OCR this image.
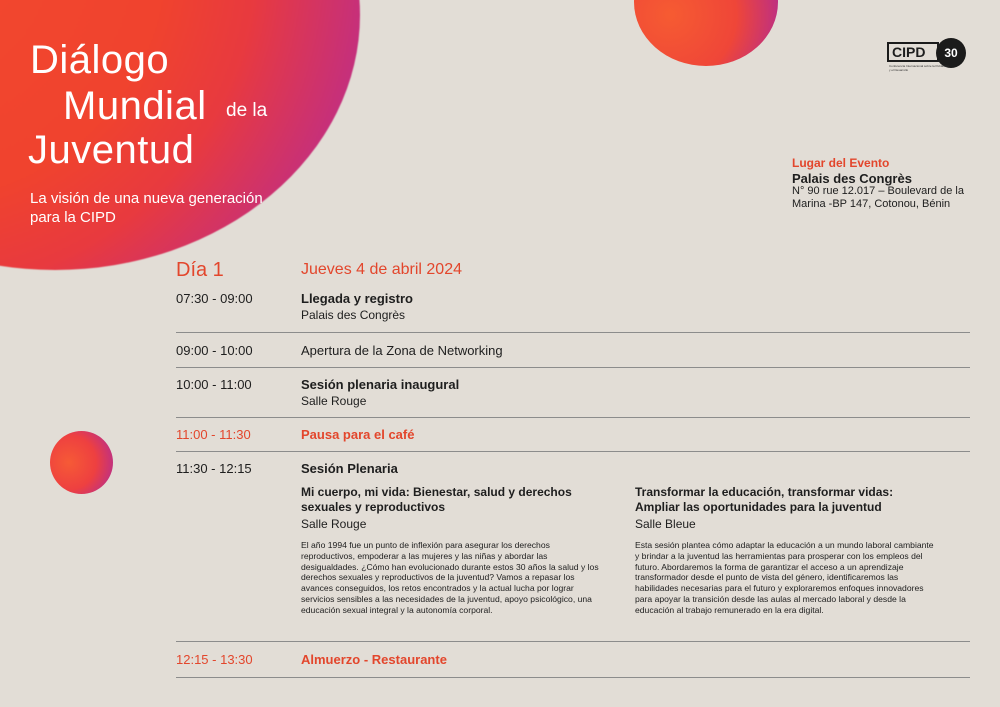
Diálogo
Mundial de la
Juventud
La visión de una nueva generación para la CIPD
CIPD	30
Conferencia Internacional sobre la Población y el Desarrollo
Lugar del Evento
Palais des Congrès
N° 90 rue 12.017 – Boulevard de la Marina -BP 147, Cotonou, Bénin
Día 1	Jueves 4 de abril 2024
07:30 - 09:00	Llegada y registro
Palais des Congrès
09:00 - 10:00	Apertura de la Zona de Networking
10:00 - 11:00	Sesión plenaria inaugural
Salle Rouge
11:00 - 11:30	Pausa para el café
11:30 - 12:15	Sesión Plenaria
Mi cuerpo, mi vida: Bienestar, salud y derechos sexuales y reproductivos
Salle Rouge
El año 1994 fue un punto de inflexión para asegurar los derechos reproductivos, empoderar a las mujeres y las niñas y abordar las desigualdades. ¿Cómo han evolucionado durante estos 30 años la salud y los derechos sexuales y reproductivos de la juventud? Vamos a repasar los avances conseguidos, los retos encontrados y la actual lucha por lograr servicios sensibles a las necesidades de la juventud, apoyo psicológico, una educación sexual integral y la autonomía corporal.
Transformar la educación, transformar vidas: Ampliar las oportunidades para la juventud
Salle Bleue
Esta sesión plantea cómo adaptar la educación a un mundo laboral cambiante y brindar a la juventud las herramientas para prosperar con los empleos del futuro. Abordaremos la forma de garantizar el acceso a un aprendizaje transformador desde el punto de vista del género, identificaremos las habilidades necesarias para el futuro y exploraremos enfoques innovadores para apoyar la transición desde las aulas al mercado laboral y desde la educación al trabajo remunerado en la era digital.
12:15 - 13:30	Almuerzo - Restaurante
